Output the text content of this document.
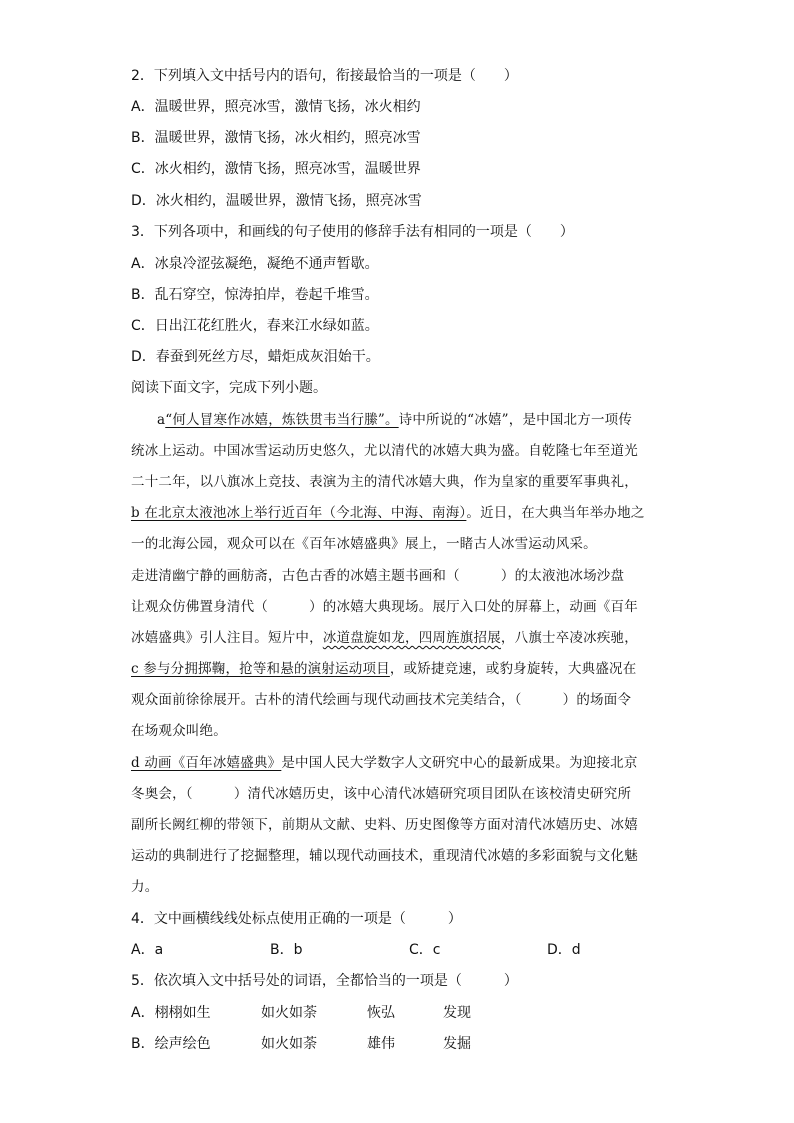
2．下列填入文中括号内的语句，衔接最恰当的一项是（　　）
A．温暖世界，照亮冰雪，激情飞扬，冰火相约
B．温暖世界，激情飞扬，冰火相约，照亮冰雪
C．冰火相约，激情飞扬，照亮冰雪，温暖世界
D．冰火相约，温暖世界，激情飞扬，照亮冰雪
3．下列各项中，和画线的句子使用的修辞手法有相同的一项是（　　）
A．冰泉冷涩弦凝绝，凝绝不通声暂歇。
B．乱石穿空，惊涛拍岸，卷起千堆雪。
C．日出江花红胜火，春来江水绿如蓝。
D．春蚕到死丝方尽，蜡炬成灰泪始干。
阅读下面文字，完成下列小题。
a“何人冒寒作冰嬉，炼铁贯韦当行縢”。诗中所说的“冰嬉”，是中国北方一项传
统冰上运动。中国冰雪运动历史悠久，尤以清代的冰嬉大典为盛。自乾隆七年至道光
二十二年，以八旗冰上竞技、表演为主的清代冰嬉大典，作为皇家的重要军事典礼，
b 在北京太液池冰上举行近百年（今北海、中海、南海）。近日，在大典当年举办地之
一的北海公园，观众可以在《百年冰嬉盛典》展上，一睹古人冰雪运动风采。
走进清幽宁静的画舫斋，古色古香的冰嬉主题书画和（　　　）的太液池冰场沙盘
让观众仿佛置身清代（　　　）的冰嬉大典现场。展厅入口处的屏幕上，动画《百年
冰嬉盛典》引人注目。短片中，冰道盘旋如龙，四周旌旗招展，八旗士卒凌冰疾驰，
c 参与分拥掷鞠，抢等和悬的演射运动项目，或矫捷竞速，或豹身旋转，大典盛况在
观众面前徐徐展开。古朴的清代绘画与现代动画技术完美结合，（　　　）的场面令
在场观众叫绝。
d 动画《百年冰嬉盛典》是中国人民大学数字人文研究中心的最新成果。为迎接北京
冬奥会，（　　　）清代冰嬉历史，该中心清代冰嬉研究项目团队在该校清史研究所
副所长阙红柳的带领下，前期从文献、史料、历史图像等方面对清代冰嬉历史、冰嬉
运动的典制进行了挖掘整理，辅以现代动画技术，重现清代冰嬉的多彩面貌与文化魅
力。
4．文中画横线线处标点使用正确的一项是（　　　）
A．a	B．b	C．c	D．d
5．依次填入文中括号处的词语，全都恰当的一项是（　　　）
A．栩栩如生	如火如荼	恢弘	发现
B．绘声绘色	如火如荼	雄伟	发掘
